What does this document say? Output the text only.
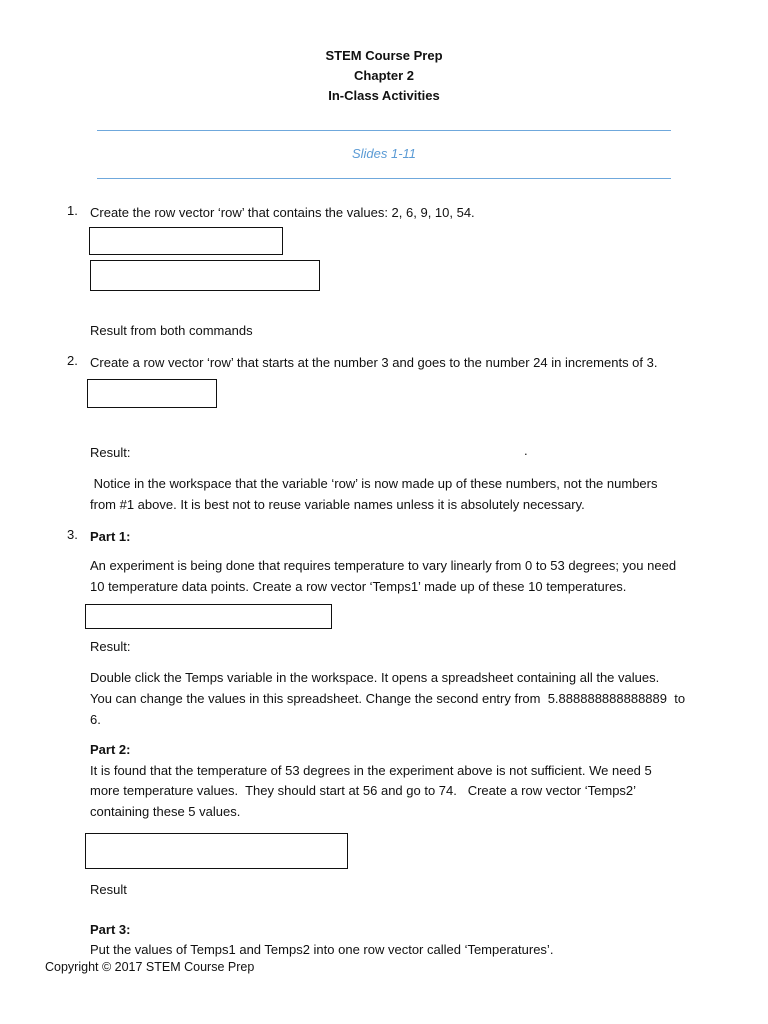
STEM Course Prep
Chapter 2
In-Class Activities
Slides 1-11
1. Create the row vector ‘row’ that contains the values: 2, 6, 9, 10, 54.
Result from both commands
2. Create a row vector ‘row’ that starts at the number 3 and goes to the number 24 in increments of 3.
Result:	.
Notice in the workspace that the variable ‘row’ is now made up of these numbers, not the numbers
from #1 above. It is best not to reuse variable names unless it is absolutely necessary.
3. Part 1:
An experiment is being done that requires temperature to vary linearly from 0 to 53 degrees; you need
10 temperature data points. Create a row vector ‘Temps1’ made up of these 10 temperatures.
Result:
Double click the Temps variable in the workspace. It opens a spreadsheet containing all the values.
You can change the values in this spreadsheet. Change the second entry from  5.888888888888889  to
6.
Part 2:
It is found that the temperature of 53 degrees in the experiment above is not sufficient. We need 5
more temperature values.  They should start at 56 and go to 74.   Create a row vector ‘Temps2’
containing these 5 values.
Result
Part 3:
Put the values of Temps1 and Temps2 into one row vector called ‘Temperatures’.
Copyright © 2017 STEM Course Prep
